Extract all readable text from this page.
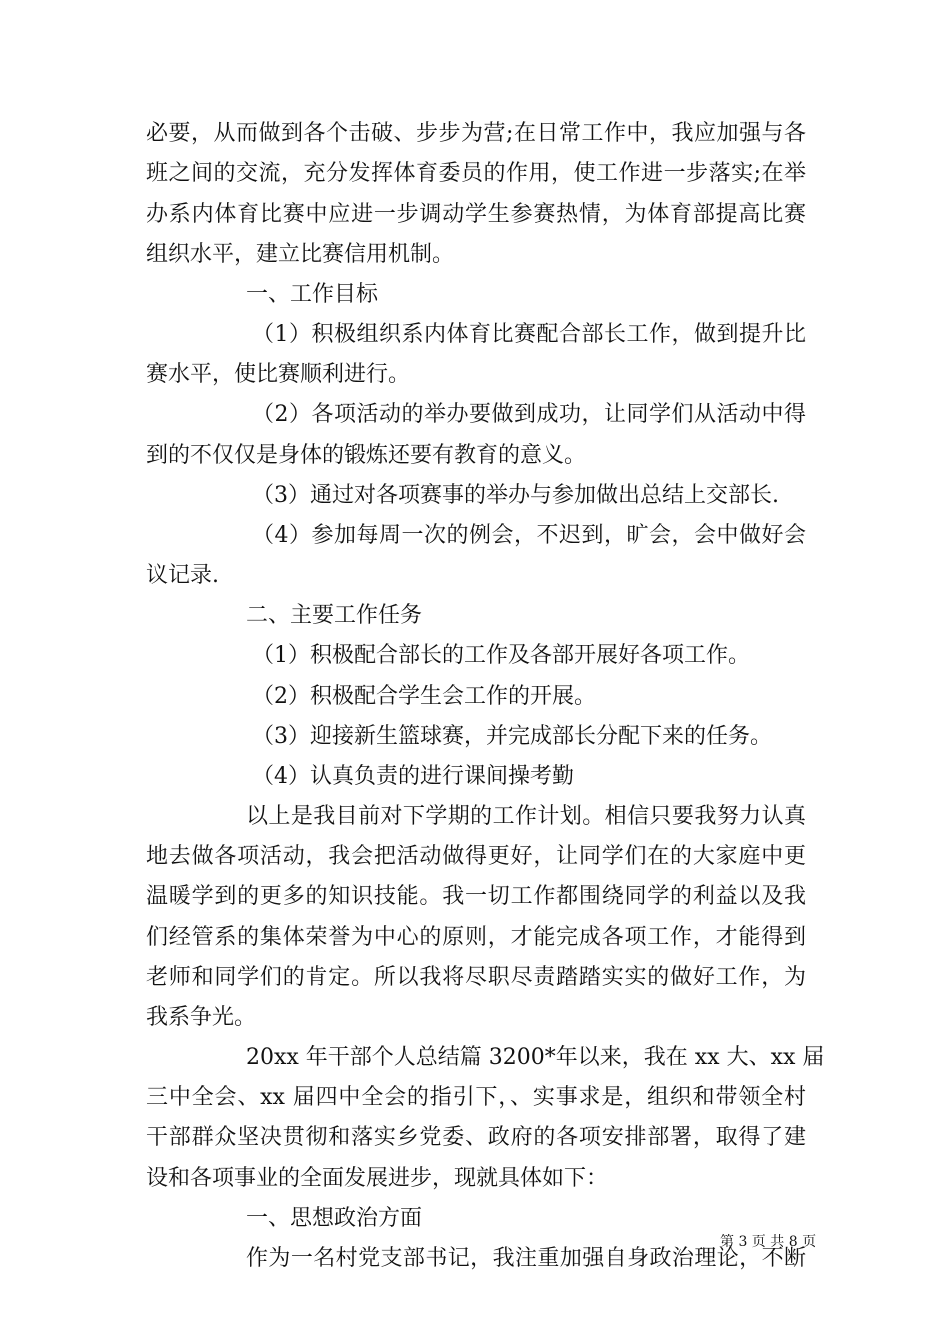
必要，从而做到各个击破、步步为营;在日常工作中，我应加强与各
班之间的交流，充分发挥体育委员的作用，使工作进一步落实;在举
办系内体育比赛中应进一步调动学生参赛热情，为体育部提高比赛
组织水平，建立比赛信用机制。
一、工作目标
（1）积极组织系内体育比赛配合部长工作，做到提升比
赛水平，使比赛顺利进行。
（2）各项活动的举办要做到成功，让同学们从活动中得
到的不仅仅是身体的锻炼还要有教育的意义。
（3）通过对各项赛事的举办与参加做出总结上交部长.
（4）参加每周一次的例会，不迟到，旷会，会中做好会
议记录.
二、主要工作任务
（1）积极配合部长的工作及各部开展好各项工作。
（2）积极配合学生会工作的开展。
（3）迎接新生篮球赛，并完成部长分配下来的任务。
（4）认真负责的进行课间操考勤
以上是我目前对下学期的工作计划。相信只要我努力认真
地去做各项活动，我会把活动做得更好，让同学们在的大家庭中更
温暖学到的更多的知识技能。我一切工作都围绕同学的利益以及我
们经管系的集体荣誉为中心的原则，才能完成各项工作，才能得到
老师和同学们的肯定。所以我将尽职尽责踏踏实实的做好工作，为
我系争光。
20xx 年干部个人总结篇 3200*年以来，我在 xx 大、xx 届
三中全会、xx 届四中全会的指引下，、实事求是，组织和带领全村
干部群众坚决贯彻和落实乡党委、政府的各项安排部署，取得了建
设和各项事业的全面发展进步，现就具体如下：
一、思想政治方面
作为一名村党支部书记，我注重加强自身政治理论，不断
第 3 页 共 8 页
